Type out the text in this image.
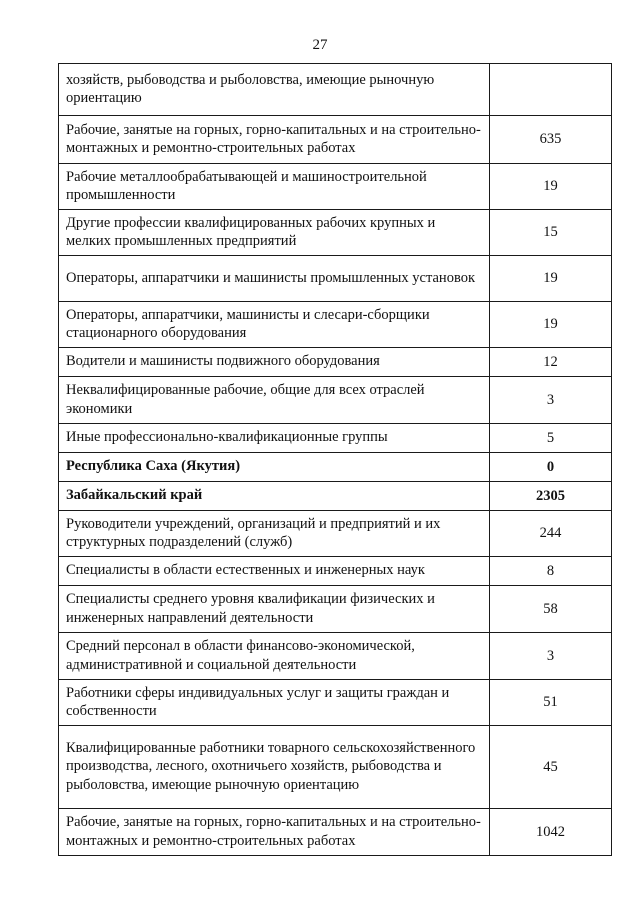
27
хозяйств, рыбоводства и рыболовства, имеющие рыночную ориентацию	
Рабочие, занятые на горных, горно-капитальных и на строительно-монтажных и ремонтно-строительных работах	635
Рабочие металлообрабатывающей и машиностроительной промышленности	19
Другие профессии квалифицированных рабочих крупных и мелких промышленных предприятий	15
Операторы, аппаратчики и машинисты промышленных установок	19
Операторы, аппаратчики, машинисты и слесари-сборщики стационарного оборудования	19
Водители и машинисты подвижного оборудования	12
Неквалифицированные рабочие, общие для всех отраслей экономики	3
Иные профессионально-квалификационные группы	5
Республика Саха (Якутия)	0
Забайкальский край	2305
Руководители учреждений, организаций и предприятий и их структурных подразделений (служб)	244
Специалисты в области естественных и инженерных наук	8
Специалисты среднего уровня квалификации физических и инженерных направлений деятельности	58
Средний персонал в области финансово-экономической, административной и социальной деятельности	3
Работники сферы индивидуальных услуг и защиты граждан и собственности	51
Квалифицированные работники товарного сельскохозяйственного производства, лесного, охотничьего хозяйств, рыбоводства и рыболовства, имеющие рыночную ориентацию	45
Рабочие, занятые на горных, горно-капитальных и на строительно-монтажных и ремонтно-строительных работах	1042
